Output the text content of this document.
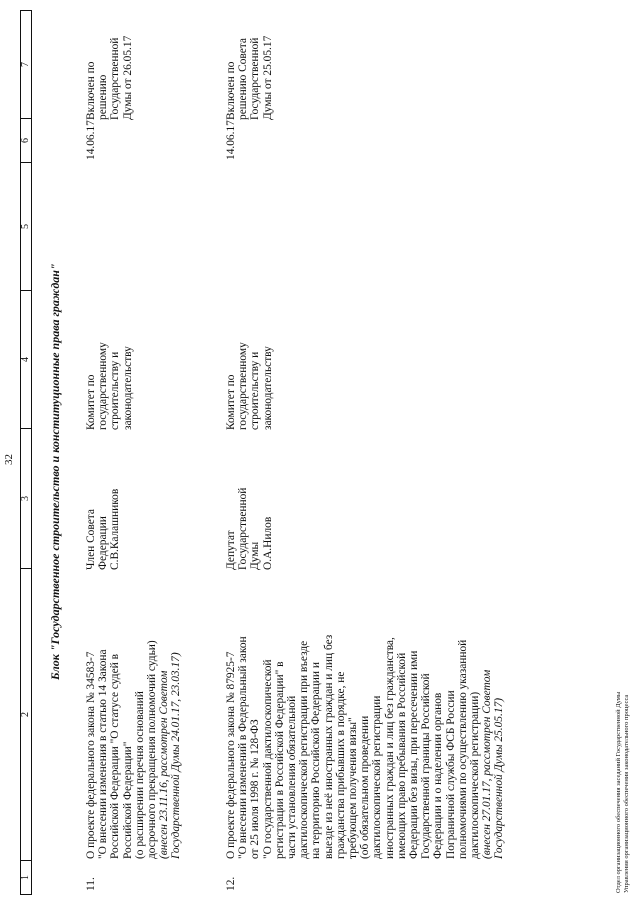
32
1
2
3
4
5
6
7
Блок "Государственное строительство и конституционные права граждан"
11.
О проекте федерального закона № 34583-7 "О внесении изменения в статью 14 Закона Российской Федерации "О статусе судей в Российской Федерации" (о расширении перечня оснований досрочного прекращения полномочий судьи) (внесен 23.11.16, рассмотрен Советом Государственной Думы 24.01.17, 23.03.17)
Член Совета Федерации С.В.Калашников
Комитет по государственному строительству и законодательству
14.06.17
Включен по решению Государственной Думы от 26.05.17
12.
О проекте федерального закона № 87925-7 "О внесении изменений в Федеральный закон от 25 июля 1998 г. № 128-ФЗ "О государственной дактилоскопической регистрации в Российской Федерации" в части установления обязательной дактилоскопической регистрации при въезде на территорию Российской Федерации и выезде из неё иностранных граждан и лиц без гражданства прибывших в порядке, не требующем получения визы" (об обязательном проведении дактилоскопической регистрации иностранных граждан и лиц без гражданства, имеющих право пребывания в Российской Федерации без визы, при пересечении ими Государственной границы Российской Федерации и о наделении органов Пограничной службы ФСБ России полномочиями по осуществлению указанной дактилоскопической регистрации) (внесен 27.01.17, рассмотрен Советом Государственной Думы 25.05.17)
Депутат Государственной Думы О.А.Нилов
Комитет по государственному строительству и законодательству
14.06.17
Включен по решению Совета Государственной Думы от 25.05.17
Отдел организационного обеспечения заседаний Государственной Думы Управления организационного обеспечения законодательного процесса
